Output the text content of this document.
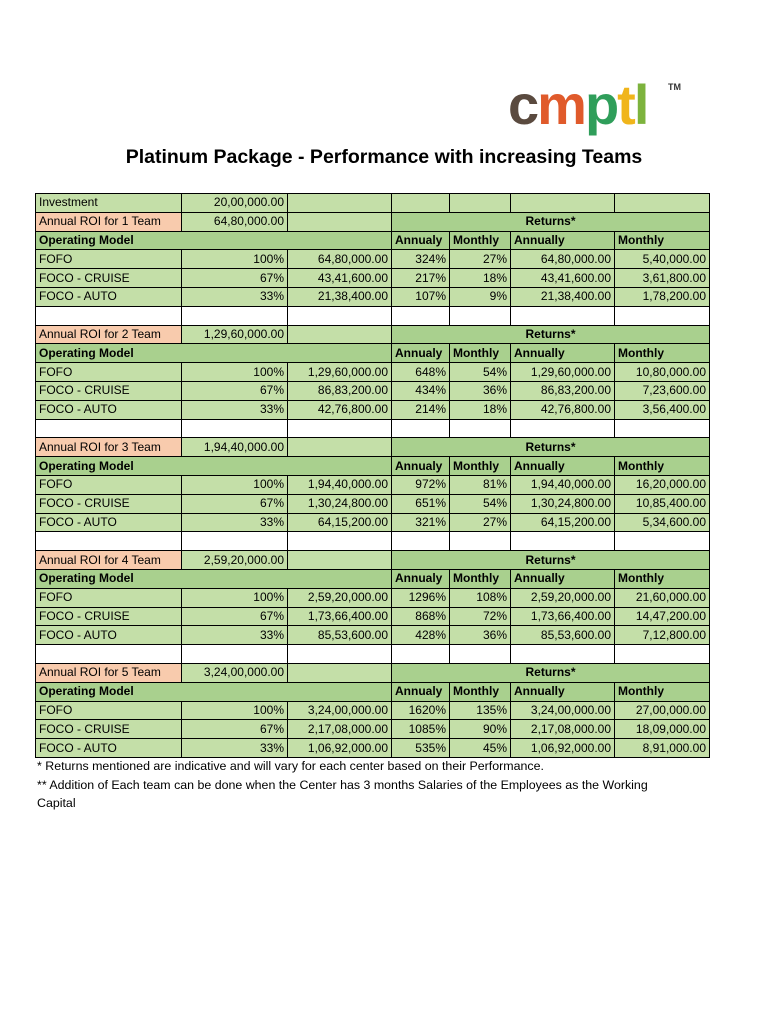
cmptl TM
Platinum Package - Performance with increasing Teams
Investment	20,00,000.00					
Annual ROI for 1 Team	64,80,000.00		Returns*			
Operating Model			Annualy	Monthly	Annually	Monthly
FOFO	100%	64,80,000.00	324%	27%	64,80,000.00	5,40,000.00
FOCO - CRUISE	67%	43,41,600.00	217%	18%	43,41,600.00	3,61,800.00
FOCO - AUTO	33%	21,38,400.00	107%	9%	21,38,400.00	1,78,200.00

Annual ROI for 2 Team	1,29,60,000.00		Returns*			
Operating Model			Annualy	Monthly	Annually	Monthly
FOFO	100%	1,29,60,000.00	648%	54%	1,29,60,000.00	10,80,000.00
FOCO - CRUISE	67%	86,83,200.00	434%	36%	86,83,200.00	7,23,600.00
FOCO - AUTO	33%	42,76,800.00	214%	18%	42,76,800.00	3,56,400.00

Annual ROI for 3 Team	1,94,40,000.00		Returns*			
Operating Model			Annualy	Monthly	Annually	Monthly
FOFO	100%	1,94,40,000.00	972%	81%	1,94,40,000.00	16,20,000.00
FOCO - CRUISE	67%	1,30,24,800.00	651%	54%	1,30,24,800.00	10,85,400.00
FOCO - AUTO	33%	64,15,200.00	321%	27%	64,15,200.00	5,34,600.00

Annual ROI for 4 Team	2,59,20,000.00		Returns*			
Operating Model			Annualy	Monthly	Annually	Monthly
FOFO	100%	2,59,20,000.00	1296%	108%	2,59,20,000.00	21,60,000.00
FOCO - CRUISE	67%	1,73,66,400.00	868%	72%	1,73,66,400.00	14,47,200.00
FOCO - AUTO	33%	85,53,600.00	428%	36%	85,53,600.00	7,12,800.00

Annual ROI for 5 Team	3,24,00,000.00		Returns*			
Operating Model			Annualy	Monthly	Annually	Monthly
FOFO	100%	3,24,00,000.00	1620%	135%	3,24,00,000.00	27,00,000.00
FOCO - CRUISE	67%	2,17,08,000.00	1085%	90%	2,17,08,000.00	18,09,000.00
FOCO - AUTO	33%	1,06,92,000.00	535%	45%	1,06,92,000.00	8,91,000.00
* Returns mentioned are indicative and will vary for each center based on their Performance.
** Addition of Each team can be done when the Center has 3 months Salaries of the Employees as the Working
Capital
